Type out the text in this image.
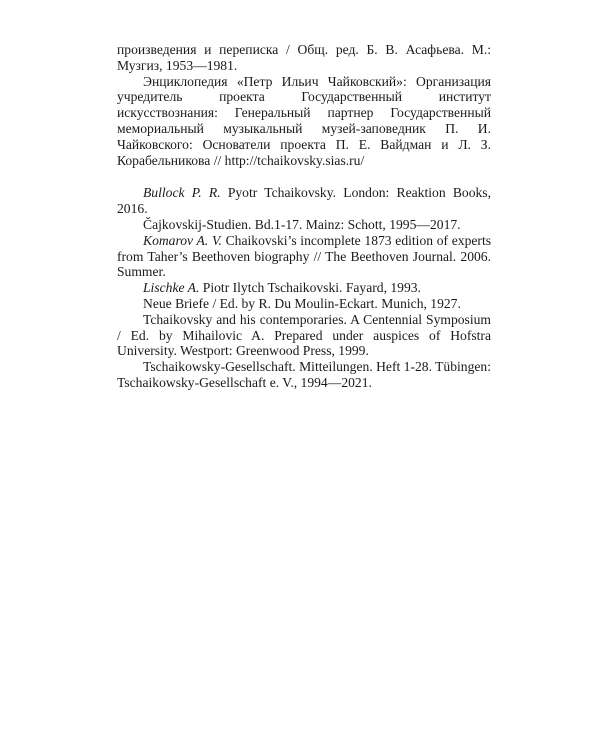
произведения и переписка / Общ. ред. Б. В. Асафьева. М.: Музгиз, 1953—1981.

Энциклопедия «Петр Ильич Чайковский»: Организация учредитель проекта Государственный институт искусствознания: Генеральный партнер Государственный мемориальный музыкальный музей-заповедник П. И. Чайковского: Основатели проекта П. Е. Вайдман и Л. З. Корабельникова // http://tchaikovsky.sias.ru/

Bullock P. R. Pyotr Tchaikovsky. London: Reaktion Books, 2016.

Čajkovskij-Studien. Bd.1-17. Mainz: Schott, 1995—2017.

Komarov A. V. Chaikovski’s incomplete 1873 edition of experts from Taher’s Beethoven biography // The Beethoven Journal. 2006. Summer.

Lischke A. Piotr Ilytch Tschaikovski. Fayard, 1993.

Neue Briefe / Ed. by R. Du Moulin-Eckart. Munich, 1927.

Tchaikovsky and his contemporaries. A Centennial Symposium / Ed. by Mihailovic A. Prepared under auspices of Hofstra University. Westport: Greenwood Press, 1999.

Tschaikowsky-Gesellschaft. Mitteilungen. Heft 1-28. Tübingen: Tschaikowsky-Gesellschaft e. V., 1994—2021.
